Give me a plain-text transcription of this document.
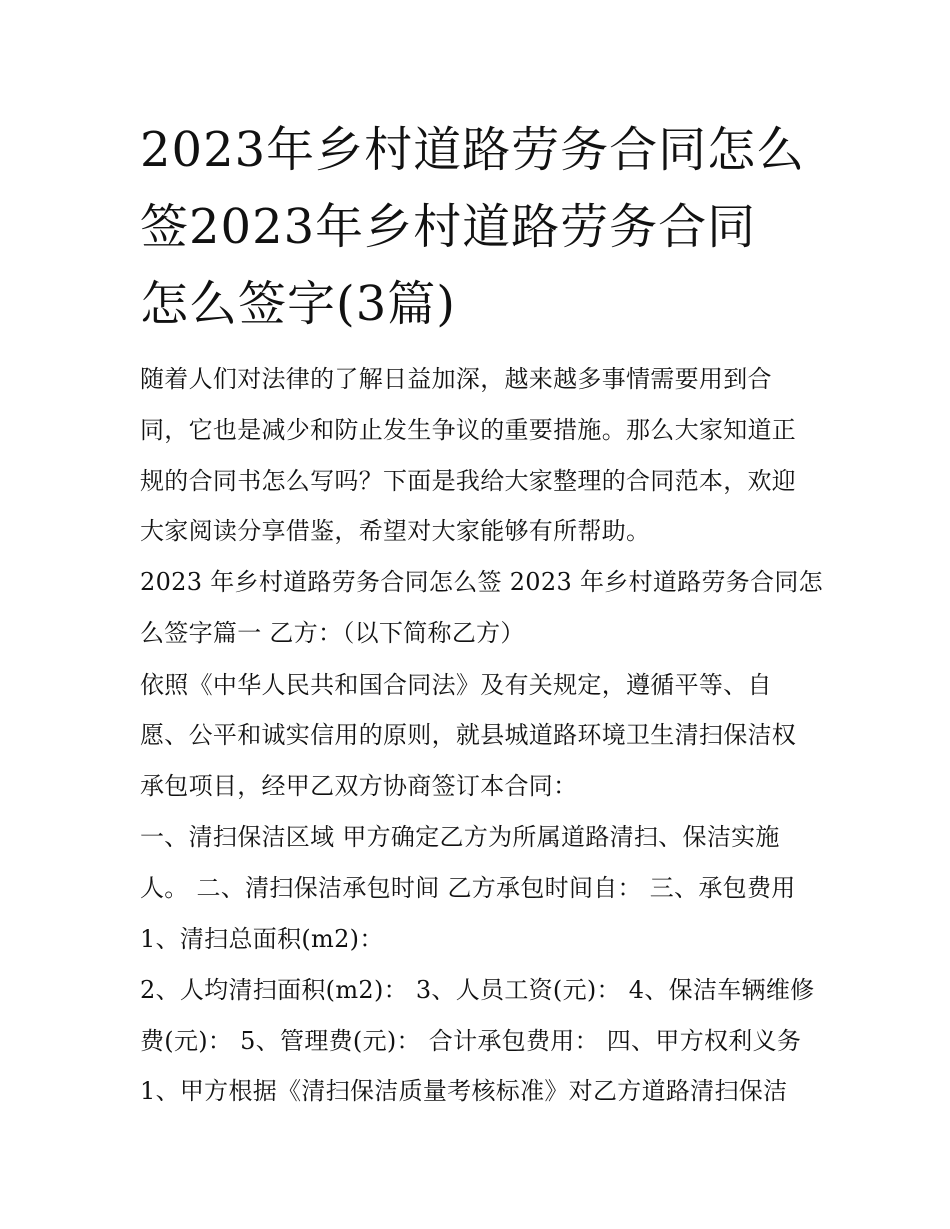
2023年乡村道路劳务合同怎么
签2023年乡村道路劳务合同
怎么签字(3篇)
随着人们对法律的了解日益加深，越来越多事情需要用到合
同，它也是减少和防止发生争议的重要措施。那么大家知道正
规的合同书怎么写吗？下面是我给大家整理的合同范本，欢迎
大家阅读分享借鉴，希望对大家能够有所帮助。
2023 年乡村道路劳务合同怎么签 2023 年乡村道路劳务合同怎
么签字篇一 乙方：（以下简称乙方）
依照《中华人民共和国合同法》及有关规定，遵循平等、自
愿、公平和诚实信用的原则，就县城道路环境卫生清扫保洁权
承包项目，经甲乙双方协商签订本合同：
一、清扫保洁区域 甲方确定乙方为所属道路清扫、保洁实施
人。 二、清扫保洁承包时间 乙方承包时间自： 三、承包费用
1、清扫总面积(m2)：
2、人均清扫面积(m2)： 3、人员工资(元)： 4、保洁车辆维修
费(元)： 5、管理费(元)： 合计承包费用： 四、甲方权利义务
1、甲方根据《清扫保洁质量考核标准》对乙方道路清扫保洁
